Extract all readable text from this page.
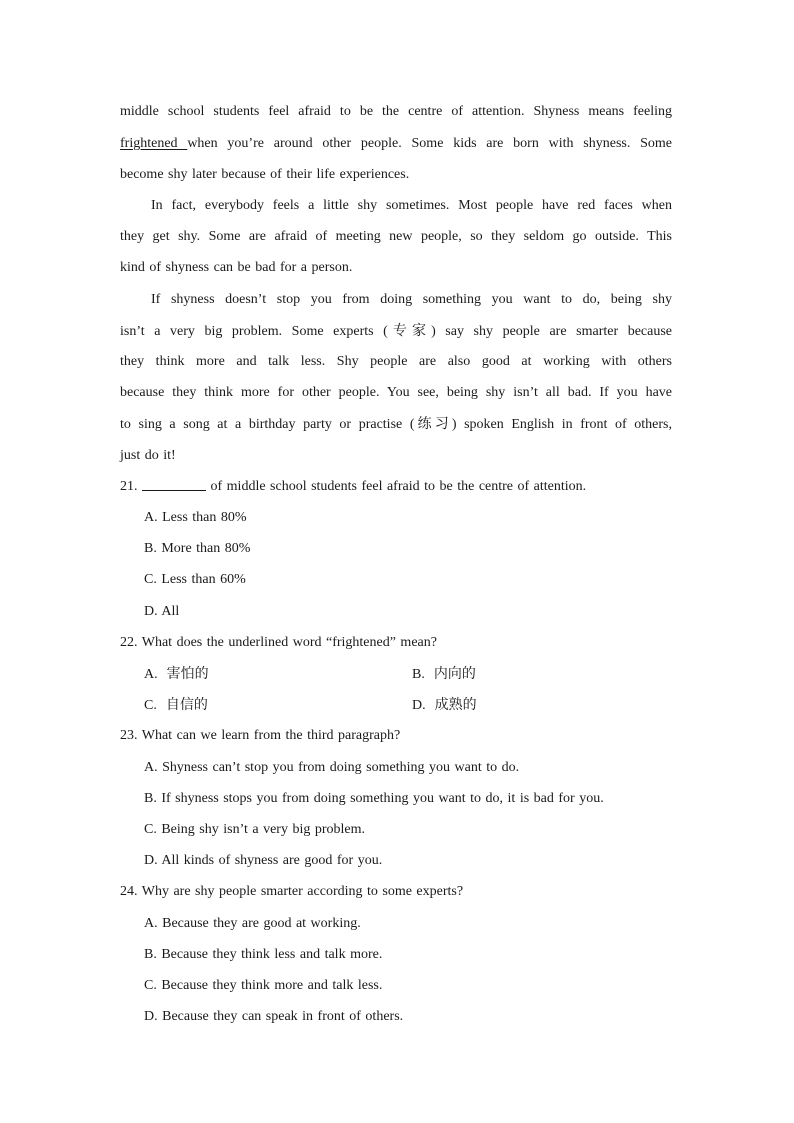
middle school students feel afraid to be the centre of attention. Shyness means feeling
frightened when you’re around other people. Some kids are born with shyness. Some
become shy later because of their life experiences.
In fact, everybody feels a little shy sometimes. Most people have red faces when
they get shy. Some are afraid of meeting new people, so they seldom go outside. This
kind of shyness can be bad for a person.
If shyness doesn’t stop you from doing something you want to do, being shy
isn’t a very big problem. Some experts (专家) say shy people are smarter because
they think more and talk less. Shy people are also good at working with others
because they think more for other people. You see, being shy isn’t all bad. If you have
to sing a song at a birthday party or practise (练习) spoken English in front of others,
just do it!
21.	of middle school students feel afraid to be the centre of attention.
A. Less than 80%
B. More than 80%
C. Less than 60%
D. All
22. What does the underlined word “frightened” mean?
A. 害怕的	B. 内向的
C. 自信的	D. 成熟的
23. What can we learn from the third paragraph?
A. Shyness can’t stop you from doing something you want to do.
B. If shyness stops you from doing something you want to do, it is bad for you.
C. Being shy isn’t a very big problem.
D. All kinds of shyness are good for you.
24. Why are shy people smarter according to some experts?
A. Because they are good at working.
B. Because they think less and talk more.
C. Because they think more and talk less.
D. Because they can speak in front of others.
